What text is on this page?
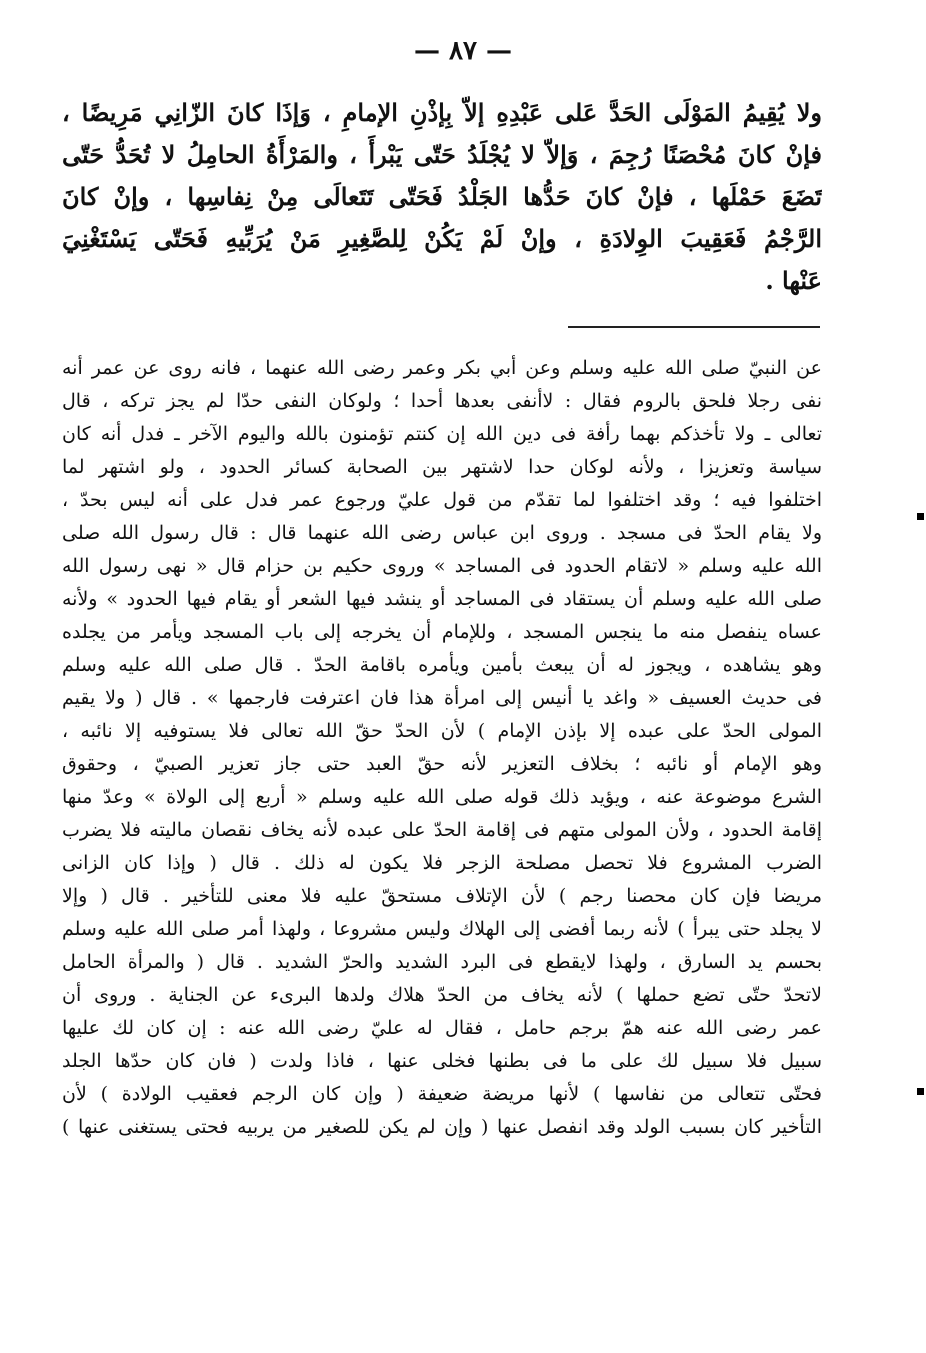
— ٨٧ —
ولا يُقِيمُ المَوْلَى الحَدَّ عَلى عَبْدِهِ إلاّ بِإذْنِ الإمامِ ، وَإذَا كانَ الزّانِي مَرِيضًا ،
فإنْ كانَ مُحْصَنًا رُجِمَ ، وَإلاّ لا يُجْلَدُ حَتّى يَبْرأَ ، والمَرْأَةُ الحامِلُ لا تُحَدُّ حَتّى
تَضَعَ حَمْلَها ، فإنْ كانَ حَدُّها الجَلْدُ فَحَتّى تَتَعالَى مِنْ نِفاسِها ، وإنْ كانَ
الرَّجْمُ فَعَقِيبَ الوِلادَةِ ، وإنْ لَمْ يَكُنْ لِلصَّغِيرِ مَنْ يُرَبِّيهِ فَحَتّى يَسْتَغْنِيَ
عَنْها .
عن النبيّ صلى الله عليه وسلم وعن أبي بكر وعمر رضى الله عنهما ، فانه روى عن عمر أنه
نفى رجلا فلحق بالروم فقال : لاأنفى بعدها أحدا ؛ ولوكان النفى حدّا لم يجز تركه ، قال
تعالى ـ ولا تأخذكم بهما رأفة فى دين الله إن كنتم تؤمنون بالله واليوم الآخر ـ فدل أنه كان
سياسة وتعزيزا ، ولأنه لوكان حدا لاشتهر بين الصحابة كسائر الحدود ، ولو اشتهر لما
اختلفوا فيه ؛ وقد اختلفوا لما تقدّم من قول عليّ ورجوع عمر فدل على أنه ليس بحدّ ،
ولا يقام الحدّ فى مسجد . وروى ابن عباس رضى الله عنهما قال : قال رسول الله صلى
الله عليه وسلم « لاتقام الحدود فى المساجد » وروى حكيم بن حزام قال « نهى رسول الله
صلى الله عليه وسلم أن يستقاد فى المساجد أو ينشد فيها الشعر أو يقام فيها الحدود » ولأنه
عساه ينفصل منه ما ينجس المسجد ، وللإمام أن يخرجه إلى باب المسجد ويأمر من يجلده
وهو يشاهده ، ويجوز له أن يبعث بأمين ويأمره باقامة الحدّ . قال صلى الله عليه وسلم
فى حديث العسيف « واغد يا أنيس إلى امرأة هذا فان اعترفت فارجمها » . قال ( ولا يقيم
المولى الحدّ على عبده إلا بإذن الإمام ) لأن الحدّ حقّ الله تعالى فلا يستوفيه إلا نائبه ،
وهو الإمام أو نائبه ؛ بخلاف التعزير لأنه حقّ العبد حتى جاز تعزير الصبيّ ، وحقوق
الشرع موضوعة عنه ، ويؤيد ذلك قوله صلى الله عليه وسلم « أربع إلى الولاة » وعدّ منها
إقامة الحدود ، ولأن المولى متهم فى إقامة الحدّ على عبده لأنه يخاف نقصان ماليته فلا يضرب
الضرب المشروع فلا تحصل مصلحة الزجر فلا يكون له ذلك . قال ( وإذا كان الزانى
مريضا فإن كان محصنا رجم ) لأن الإتلاف مستحقّ عليه فلا معنى للتأخير . قال ( وإلا
لا يجلد حتى يبرأ ) لأنه ربما أفضى إلى الهلاك وليس مشروعا ، ولهذا أمر صلى الله عليه وسلم
بحسم يد السارق ، ولهذا لايقطع فى البرد الشديد والحرّ الشديد . قال ( والمرأة الحامل
لاتحدّ حتّى تضع حملها ) لأنه يخاف من الحدّ هلاك ولدها البرىء عن الجناية . وروى أن
عمر رضى الله عنه همّ برجم حامل ، فقال له عليّ رضى الله عنه : إن كان لك عليها
سبيل فلا سبيل لك على ما فى بطنها فخلى عنها ، فاذا ولدت ( فان كان حدّها الجلد
فحتّى تتعالى من نفاسها ) لأنها مريضة ضعيفة ( وإن كان الرجم فعقيب الولادة ) لأن
التأخير كان بسبب الولد وقد انفصل عنها ( وإن لم يكن للصغير من يربيه فحتى يستغنى عنها )
